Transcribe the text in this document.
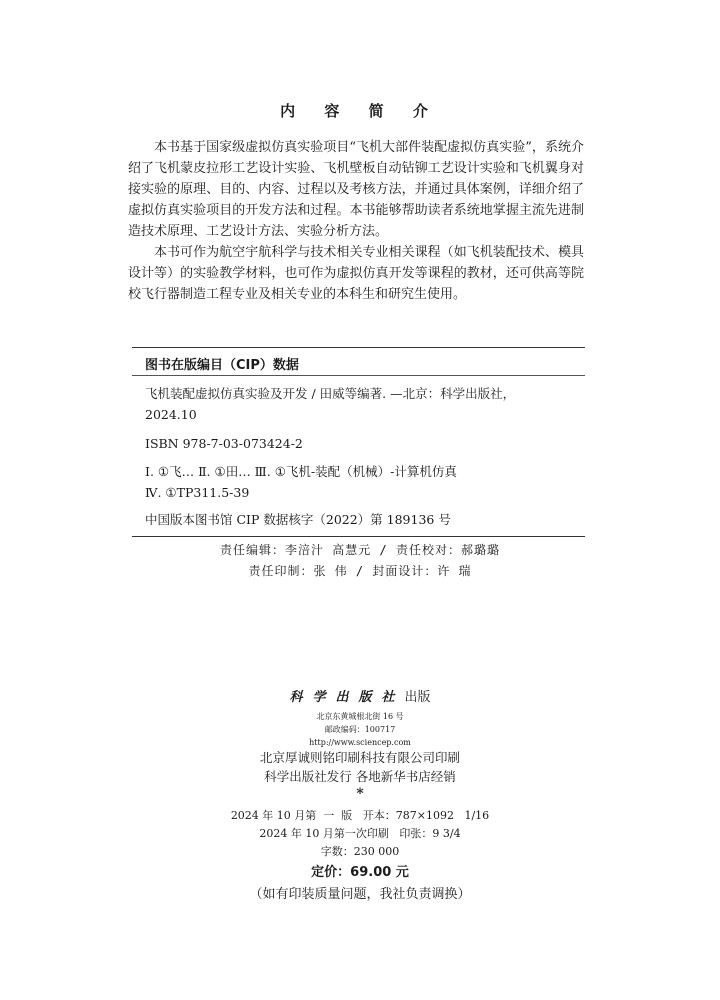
内 容 简 介

本书基于国家级虚拟仿真实验项目“飞机大部件装配虚拟仿真实验”，系统介绍了飞机蒙皮拉形工艺设计实验、飞机壁板自动钻铆工艺设计实验和飞机翼身对接实验的原理、目的、内容、过程以及考核方法，并通过具体案例，详细介绍了虚拟仿真实验项目的开发方法和过程。本书能够帮助读者系统地掌握主流先进制造技术原理、工艺设计方法、实验分析方法。

本书可作为航空宇航科学与技术相关专业相关课程（如飞机装配技术、模具设计等）的实验教学材料，也可作为虚拟仿真开发等课程的教材，还可供高等院校飞行器制造工程专业及相关专业的本科生和研究生使用。

图书在版编目（CIP）数据
飞机装配虚拟仿真实验及开发 / 田威等编著. —北京：科学出版社，
2024.10
ISBN 978-7-03-073424-2
Ⅰ. ①飞… Ⅱ. ①田… Ⅲ. ①飞机-装配（机械）-计算机仿真
Ⅳ. ①TP311.5-39
中国版本图书馆 CIP 数据核字（2022）第 189136 号
责任编辑：李涪汁 高慧元 / 责任校对：郝璐璐
责任印制：张 伟 / 封面设计：许 瑞
科学出版社出版
北京东黄城根北街 16 号
邮政编码：100717
http://www.sciencep.com
北京厚诚则铭印刷科技有限公司印刷
科学出版社发行 各地新华书店经销
*
2024 年 10 月第  一  版   开本：787×1092   1/16
2024 年 10 月第一次印刷   印张：9 3/4
字数：230 000
定价：69.00 元
（如有印装质量问题，我社负责调换）
